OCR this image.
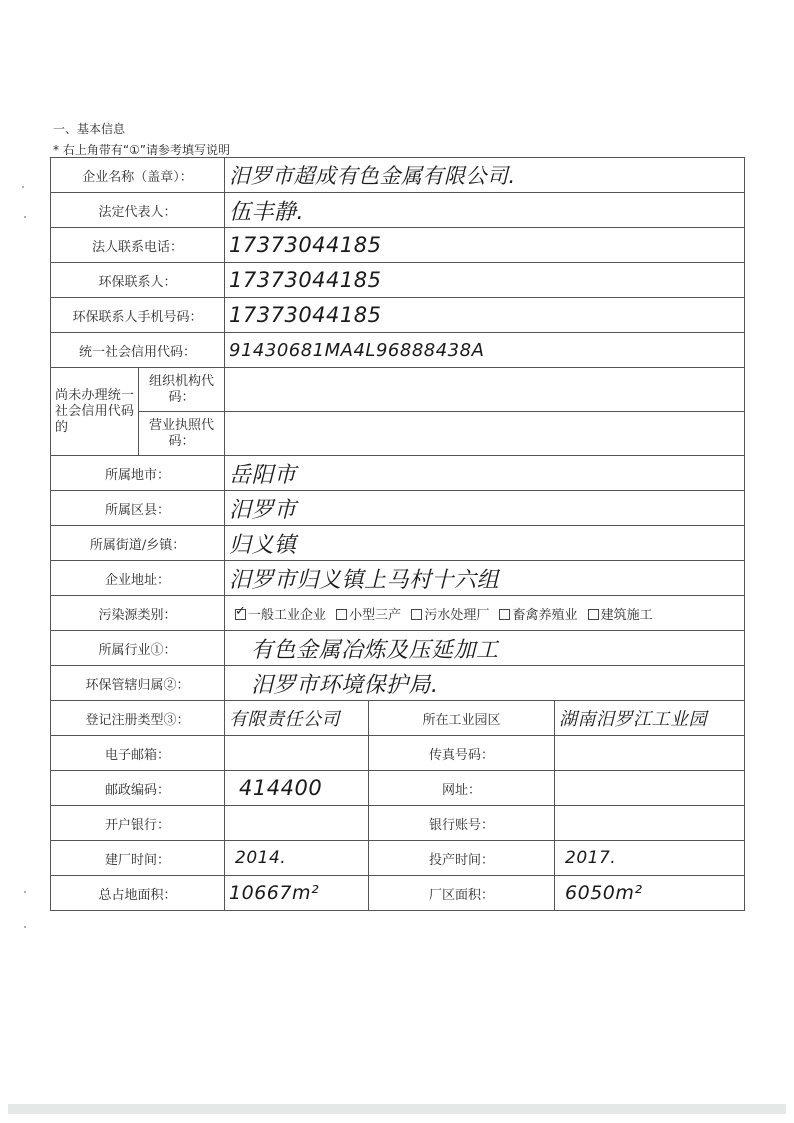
一、基本信息
* 右上角带有“①”请参考填写说明
企业名称（盖章）：		汨罗市超成有色金属有限公司.		
法定代表人：		伍丰静.		
法人联系电话：		17373044185		
环保联系人：		17373044185		
环保联系人手机号码：		17373044185		
统一社会信用代码：		91430681MA4L96888438A		
尚未办理统一社会信用代码的	组织机构代码：			
	营业执照代码：			
所属地市：		岳阳市		
所属区县：		汨罗市		
所属街道/乡镇：		归义镇		
企业地址：		汨罗市归义镇上马村十六组		
污染源类别：	✓一般工业企业 小型三产 污水处理厂 畜禽养殖业 建筑施工
所属行业①：		有色金属冶炼及压延加工		
环保管辖归属②：		汨罗市环境保护局.		
登记注册类型③：		有限责任公司	所在工业园区	湖南汨罗江工业园
电子邮箱：			传真号码：	
邮政编码：		414400	网址：	
开户银行：			银行账号：	
建厂时间：		2014.	投产时间：	2017.
总占地面积：		10667m²	厂区面积：	6050m²
